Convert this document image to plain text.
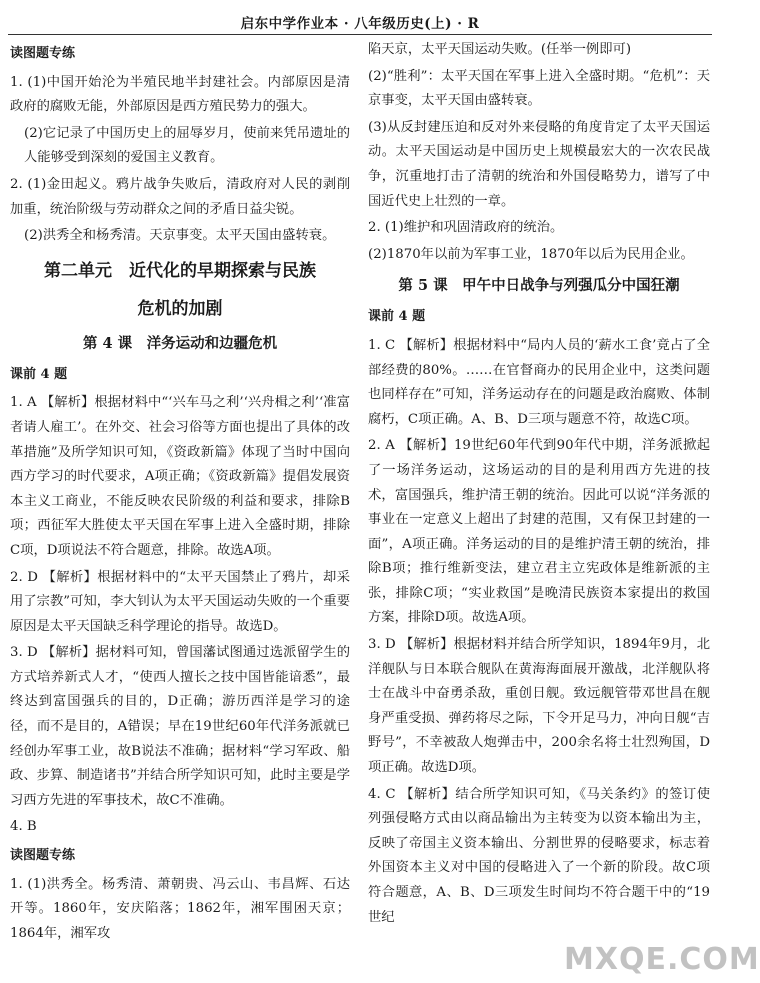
启东中学作业本 · 八年级历史(上) · R
读图题专练

1. (1)中国开始沦为半殖民地半封建社会。内部原因是清政府的腐败无能，外部原因是西方殖民势力的强大。

(2)它记录了中国历史上的屈辱岁月，使前来凭吊遗址的人能够受到深刻的爱国主义教育。

2. (1)金田起义。鸦片战争失败后，清政府对人民的剥削加重，统治阶级与劳动群众之间的矛盾日益尖锐。

(2)洪秀全和杨秀清。天京事变。太平天国由盛转衰。

第二单元　近代化的早期探索与民族
危机的加剧
第 4 课　洋务运动和边疆危机
课前 4 题

1. A 【解析】根据材料中“‘兴车马之利’‘兴舟楫之利’‘准富者请人雇工’。在外交、社会习俗等方面也提出了具体的改革措施”及所学知识可知，《资政新篇》体现了当时中国向西方学习的时代要求，A项正确；《资政新篇》提倡发展资本主义工商业，不能反映农民阶级的利益和要求，排除B项；西征军大胜使太平天国在军事上进入全盛时期，排除C项，D项说法不符合题意，排除。故选A项。

2. D 【解析】根据材料中的“太平天国禁止了鸦片，却采用了宗教”可知，李大钊认为太平天国运动失败的一个重要原因是太平天国缺乏科学理论的指导。故选D。

3. D 【解析】据材料可知，曾国藩试图通过选派留学生的方式培养新式人才，“使西人擅长之技中国皆能谙悉”，最终达到富国强兵的目的，D正确；游历西洋是学习的途径，而不是目的，A错误；早在19世纪60年代洋务派就已经创办军事工业，故B说法不准确；据材料“学习军政、船政、步算、制造诸书”并结合所学知识可知，此时主要是学习西方先进的军事技术，故C不准确。

4. B

读图题专练

1. (1)洪秀全。杨秀清、萧朝贵、冯云山、韦昌辉、石达开等。1860年，安庆陷落；1862年，湘军围困天京；1864年，湘军攻

陷天京，太平天国运动失败。(任举一例即可)

(2)“胜利”：太平天国在军事上进入全盛时期。“危机”：天京事变，太平天国由盛转衰。

(3)从反封建压迫和反对外来侵略的角度肯定了太平天国运动。太平天国运动是中国历史上规模最宏大的一次农民战争，沉重地打击了清朝的统治和外国侵略势力，谱写了中国近代史上壮烈的一章。

2. (1)维护和巩固清政府的统治。

(2)1870年以前为军事工业，1870年以后为民用企业。

第 5 课　甲午中日战争与列强瓜分中国狂潮
课前 4 题

1. C 【解析】根据材料中“局内人员的‘薪水工食’竟占了全部经费的80%。……在官督商办的民用企业中，这类问题也同样存在”可知，洋务运动存在的问题是政治腐败、体制腐朽，C项正确。A、B、D三项与题意不符，故选C项。

2. A 【解析】19世纪60年代到90年代中期，洋务派掀起了一场洋务运动，这场运动的目的是利用西方先进的技术，富国强兵，维护清王朝的统治。因此可以说“洋务派的事业在一定意义上超出了封建的范围，又有保卫封建的一面”，A项正确。洋务运动的目的是维护清王朝的统治，排除B项；推行维新变法，建立君主立宪政体是维新派的主张，排除C项；“实业救国”是晚清民族资本家提出的救国方案，排除D项。故选A项。

3. D 【解析】根据材料并结合所学知识，1894年9月，北洋舰队与日本联合舰队在黄海海面展开激战，北洋舰队将士在战斗中奋勇杀敌，重创日舰。致远舰管带邓世昌在舰身严重受损、弹药将尽之际，下令开足马力，冲向日舰“吉野号”，不幸被敌人炮弹击中，200余名将士壮烈殉国，D项正确。故选D项。

4. C 【解析】结合所学知识可知，《马关条约》的签订使列强侵略方式由以商品输出为主转变为以资本输出为主，反映了帝国主义资本输出、分割世界的侵略要求，标志着外国资本主义对中国的侵略进入了一个新的阶段。故C项符合题意，A、B、D三项发生时间均不符合题干中的“19世纪

MXQE.COM
